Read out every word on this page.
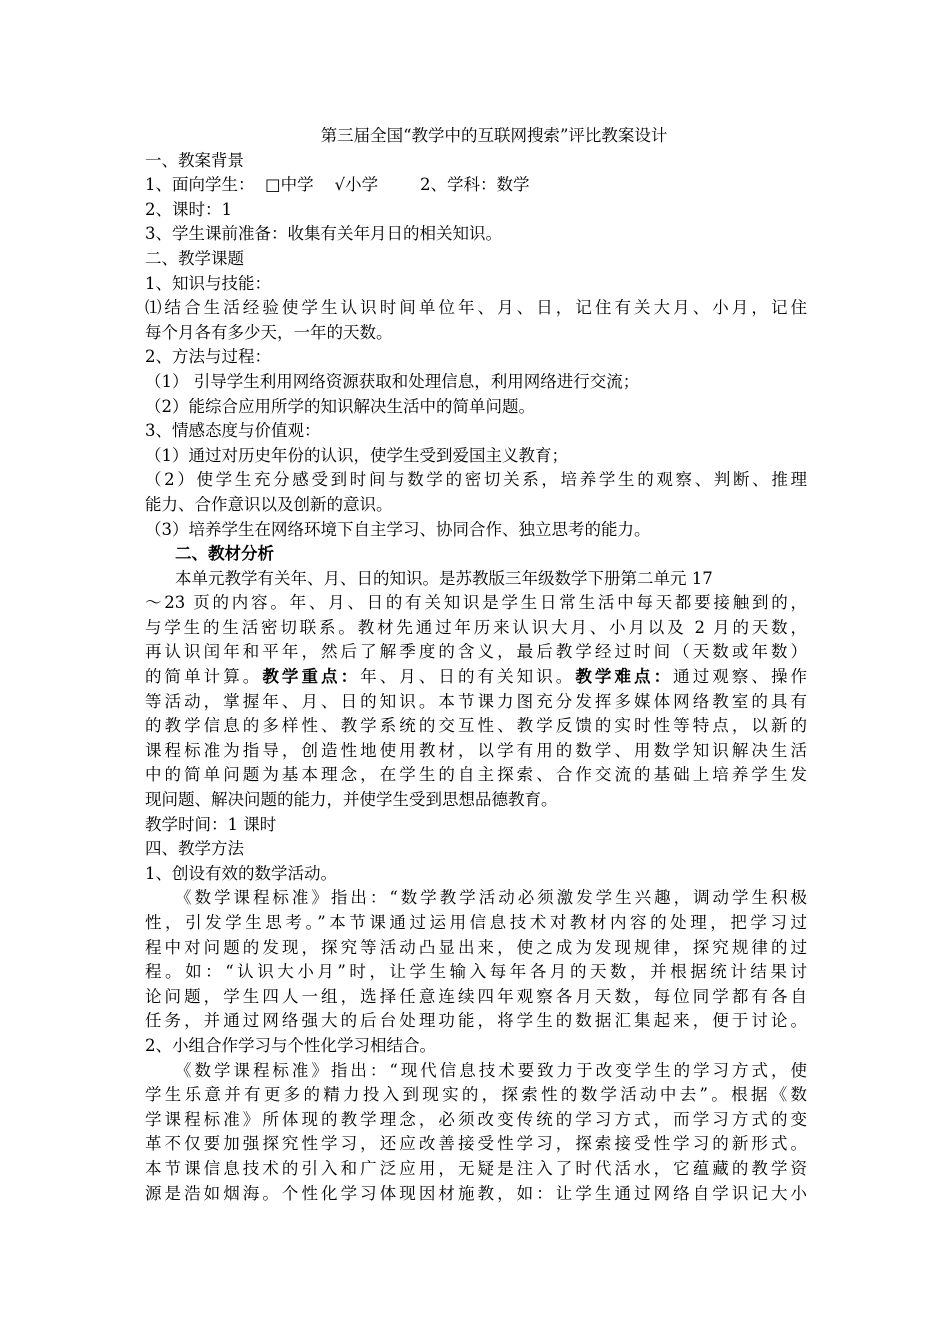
第三届全国“教学中的互联网搜索”评比教案设计
一、教案背景
1、面向学生：  □中学    √小学        2、学科：数学
2、课时：1
3、学生课前准备：收集有关年月日的相关知识。
二、教学课题
1、知识与技能：
⑴结合生活经验使学生认识时间单位年、月、日，记住有关大月、小月，记住
每个月各有多少天，一年的天数。
2、方法与过程：
（1） 引导学生利用网络资源获取和处理信息，利用网络进行交流；
（2）能综合应用所学的知识解决生活中的简单问题。
3、情感态度与价值观：
（1）通过对历史年份的认识，使学生受到爱国主义教育；
（2）使学生充分感受到时间与数学的密切关系，培养学生的观察、判断、推理
能力、合作意识以及创新的意识。
（3）培养学生在网络环境下自主学习、协同合作、独立思考的能力。
二、教材分析
本单元教学有关年、月、日的知识。是苏教版三年级数学下册第二单元 17
～23 页的内容。年、月、日的有关知识是学生日常生活中每天都要接触到的，
与学生的生活密切联系。教材先通过年历来认识大月、小月以及 2 月的天数，
再认识闰年和平年，然后了解季度的含义，最后教学经过时间（天数或年数）
的简单计算。教学重点：年、月、日的有关知识。教学难点：通过观察、操作
等活动，掌握年、月、日的知识。本节课力图充分发挥多媒体网络教室的具有
的教学信息的多样性、教学系统的交互性、教学反馈的实时性等特点，以新的
课程标准为指导，创造性地使用教材，以学有用的数学、用数学知识解决生活
中的简单问题为基本理念，在学生的自主探索、合作交流的基础上培养学生发
现问题、解决问题的能力，并使学生受到思想品德教育。
教学时间：1 课时
四、教学方法
1、创设有效的数学活动。
《数学课程标准》指出：“数学教学活动必须激发学生兴趣，调动学生积极
性，引发学生思考。”本节课通过运用信息技术对教材内容的处理，把学习过
程中对问题的发现，探究等活动凸显出来，使之成为发现规律，探究规律的过
程。如：“认识大小月”时，让学生输入每年各月的天数，并根据统计结果讨
论问题，学生四人一组，选择任意连续四年观察各月天数，每位同学都有各自
任务，并通过网络强大的后台处理功能，将学生的数据汇集起来，便于讨论。
2、小组合作学习与个性化学习相结合。
《数学课程标准》指出：“现代信息技术要致力于改变学生的学习方式，使
学生乐意并有更多的精力投入到现实的，探索性的数学活动中去”。根据《数
学课程标准》所体现的教学理念，必须改变传统的学习方式，而学习方式的变
革不仅要加强探究性学习，还应改善接受性学习，探索接受性学习的新形式。
本节课信息技术的引入和广泛应用，无疑是注入了时代活水，它蕴藏的教学资
源是浩如烟海。个性化学习体现因材施教，如：让学生通过网络自学识记大小
